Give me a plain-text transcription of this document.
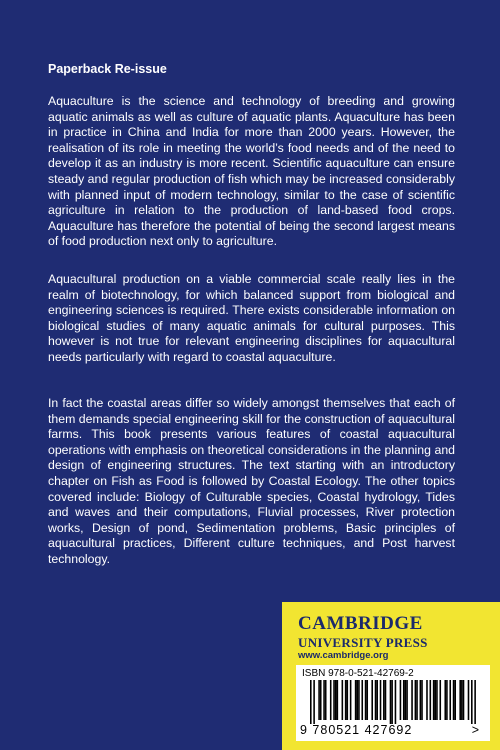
Paperback Re-issue

Aquaculture is the science and technology of breeding and growing aquatic animals as well as culture of aquatic plants. Aquaculture has been in practice in China and India for more than 2000 years. However, the realisation of its role in meeting the world’s food needs and of the need to develop it as an industry is more recent. Scientific aquaculture can ensure steady and regular production of fish which may be increased considerably with planned input of modern technology, similar to the case of scientific agriculture in relation to the production of land-based food crops. Aquaculture has therefore the potential of being the second largest means of food production next only to agriculture.

Aquacultural production on a viable commercial scale really lies in the realm of biotechnology, for which balanced support from biological and engineering sciences is required. There exists considerable information on biological studies of many aquatic animals for cultural purposes. This however is not true for relevant engineering disciplines for aquacultural needs particularly with regard to coastal aquaculture.

In fact the coastal areas differ so widely amongst themselves that each of them demands special engineering skill for the construction of aquacultural farms. This book presents various features of coastal aquacultural operations with emphasis on theoretical considerations in the planning and design of engineering structures. The text starting with an introductory chapter on Fish as Food is followed by Coastal Ecology. The other topics covered include: Biology of Culturable species, Coastal hydrology, Tides and waves and their computations, Fluvial processes, River protection works, Design of pond, Sedimentation problems, Basic principles of aquacultural practices, Different culture techniques, and Post harvest technology.

CAMBRIDGE
UNIVERSITY PRESS
www.cambridge.org
ISBN 978-0-521-42769-2
9 780521 427692	>
